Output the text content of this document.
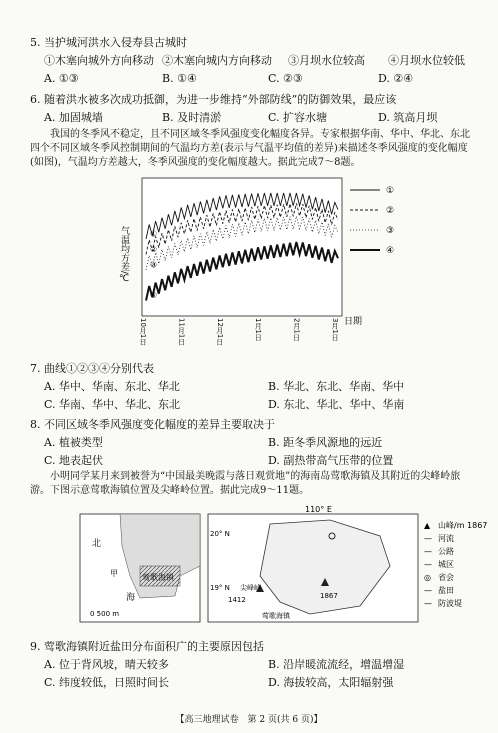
5. 当护城河洪水入侵寿县古城时
①木塞向城外方向移动 ②木塞向城内方向移动 ③月坝水位较高 ④月坝水位较低
A. ①③	B. ①④	C. ②③	D. ②④
6. 随着洪水被多次成功抵御，为进一步维持“外部防线”的防御效果，最应该
A. 加固城墙	B. 及时清淤	C. 扩容水塘	D. 筑高月坝
我国的冬季风不稳定，且不同区域冬季风强度变化幅度各异。专家根据华南、华中、华北、东北四个不同区域冬季风控制期间的气温均方差(表示与气温平均值的差异)来描述冬季风强度的变化幅度(如图)，气温均方差越大，冬季风强度的变化幅度越大。据此完成7～8题。
①
②
③
④
10月1日	11月1日	12月1日	1月1日	2月1日	3月1日
气温均方差/℃
日期
①
②
③
④
7. 曲线①②③④分别代表
A. 华中、华南、东北、华北	B. 华北、东北、华南、华中
C. 华南、华中、华北、东北	D. 东北、华北、华中、华南
8. 不同区域冬季风强度变化幅度的差异主要取决于
A. 植被类型	B. 距冬季风源地的远近
C. 地表起伏	D. 副热带高气压带的位置
小明同学某月来到被誉为“中国最美晚霞与落日观赏地”的海南岛莺歌海镇及其附近的尖峰岭旅游。下图示意莺歌海镇位置及尖峰岭位置。据此完成9～11题。
北
莺歌海镇
甲
海
0 500 m
110° E
20° N
19° N 尖峰岭
1412	1867
莺歌海镇
▲ 山峰/m 1867
— 河流
— 公路
— 城区
◎ 省会
— 盐田
— 防波堤
9. 莺歌海镇附近盐田分布面积广的主要原因包括
A. 位于背风坡，晴天较多	B. 沿岸暖流流经，增温增湿
C. 纬度较低，日照时间长	D. 海拔较高，太阳辐射强
【高三地理试卷　第 2 页(共 6 页)】
